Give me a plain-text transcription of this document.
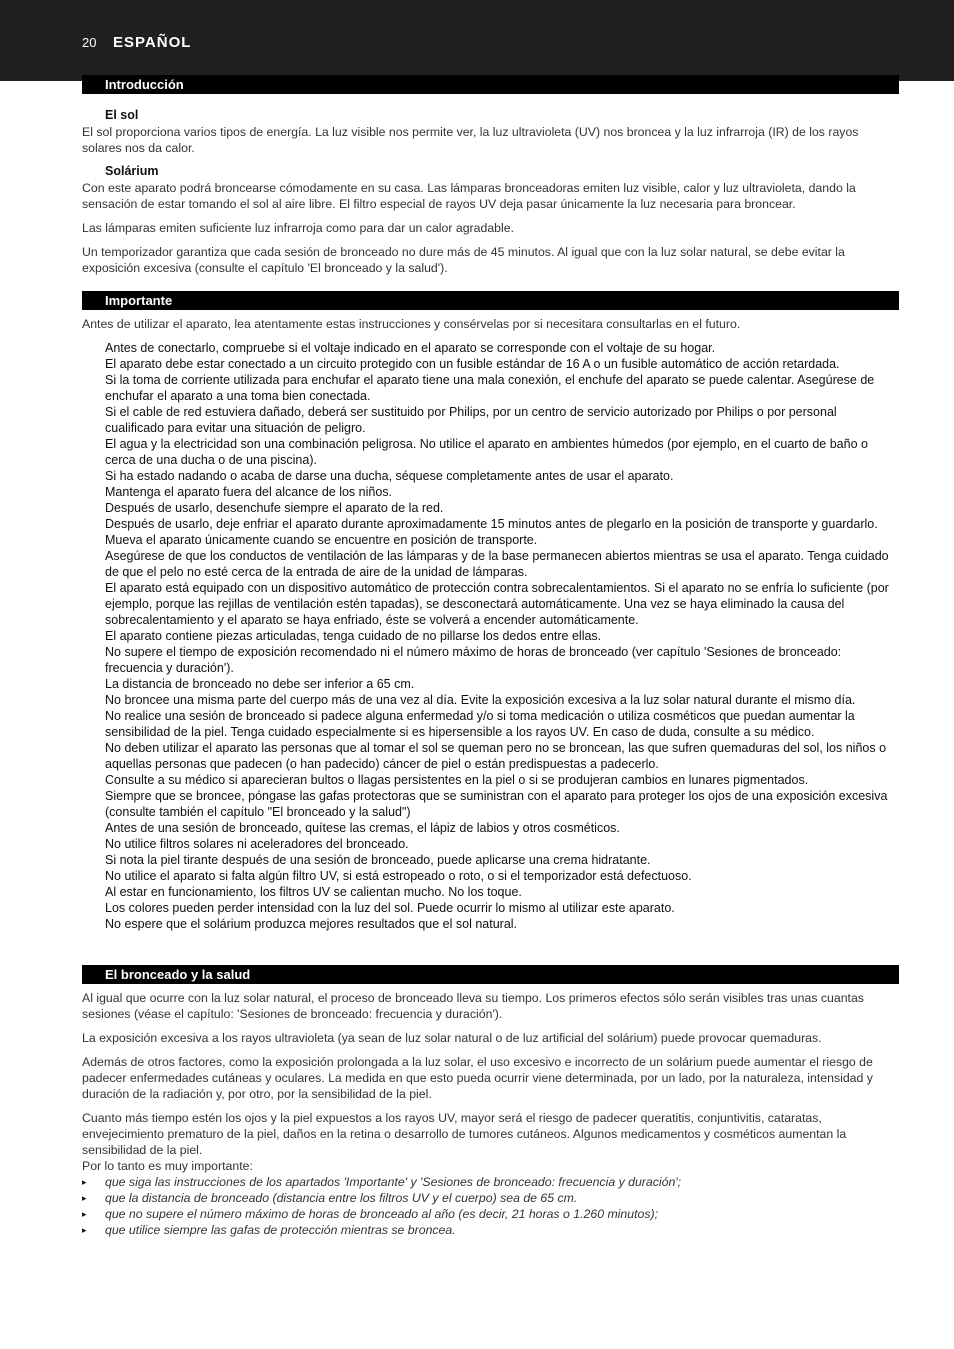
20 ESPAÑOL
Introducción
El sol
El sol proporciona varios tipos de energía. La luz visible nos permite ver, la luz ultravioleta (UV) nos broncea y la luz infrarroja (IR) de los rayos solares nos da calor.
Solárium
Con este aparato podrá broncearse cómodamente en su casa. Las lámparas bronceadoras emiten luz visible, calor y luz ultravioleta, dando la sensación de estar tomando el sol al aire libre. El filtro especial de rayos UV deja pasar únicamente la luz necesaria para broncear.
Las lámparas emiten suficiente luz infrarroja como para dar un calor agradable.
Un temporizador garantiza que cada sesión de bronceado no dure más de 45 minutos. Al igual que con la luz solar natural, se debe evitar la exposición excesiva (consulte el capítulo 'El bronceado y la salud').
Importante
Antes de utilizar el aparato, lea atentamente estas instrucciones y consérvelas por si necesitara consultarlas en el futuro.
Antes de conectarlo, compruebe si el voltaje indicado en el aparato se corresponde con el voltaje de su hogar.
El aparato debe estar conectado a un circuito protegido con un fusible estándar de 16 A o un fusible automático de acción retardada.
Si la toma de corriente utilizada para enchufar el aparato tiene una mala conexión, el enchufe del aparato se puede calentar. Asegúrese de enchufar el aparato a una toma bien conectada.
Si el cable de red estuviera dañado, deberá ser sustituido por Philips, por un centro de servicio autorizado por Philips o por personal cualificado para evitar una situación de peligro.
El agua y la electricidad son una combinación peligrosa. No utilice el aparato en ambientes húmedos (por ejemplo, en el cuarto de baño o cerca de una ducha o de una piscina).
Si ha estado nadando o acaba de darse una ducha, séquese completamente antes de usar el aparato.
Mantenga el aparato fuera del alcance de los niños.
Después de usarlo, desenchufe siempre el aparato de la red.
Después de usarlo, deje enfriar el aparato durante aproximadamente 15 minutos antes de plegarlo en la posición de transporte y guardarlo.
Mueva el aparato únicamente cuando se encuentre en posición de transporte.
Asegúrese de que los conductos de ventilación de las lámparas y de la base permanecen abiertos mientras se usa el aparato. Tenga cuidado de que el pelo no esté cerca de la entrada de aire de la unidad de lámparas.
El aparato está equipado con un dispositivo automático de protección contra sobrecalentamientos. Si el aparato no se enfría lo suficiente (por ejemplo, porque las rejillas de ventilación estén tapadas), se desconectará automáticamente. Una vez se haya eliminado la causa del sobrecalentamiento y el aparato se haya enfriado, éste se volverá a encender automáticamente.
El aparato contiene piezas articuladas, tenga cuidado de no pillarse los dedos entre ellas.
No supere el tiempo de exposición recomendado ni el número máximo de horas de bronceado (ver capítulo 'Sesiones de bronceado: frecuencia y duración').
La distancia de bronceado no debe ser inferior a 65 cm.
No broncee una misma parte del cuerpo más de una vez al día. Evite la exposición excesiva a la luz solar natural durante el mismo día.
No realice una sesión de bronceado si padece alguna enfermedad y/o si toma medicación o utiliza cosméticos que puedan aumentar la sensibilidad de la piel. Tenga cuidado especialmente si es hipersensible a los rayos UV. En caso de duda, consulte a su médico.
No deben utilizar el aparato las personas que al tomar el sol se queman pero no se broncean, las que sufren quemaduras del sol, los niños o aquellas personas que padecen (o han padecido) cáncer de piel o están predispuestas a padecerlo.
Consulte a su médico si aparecieran bultos o llagas persistentes en la piel o si se produjeran cambios en lunares pigmentados.
Siempre que se broncee, póngase las gafas protectoras que se suministran con el aparato para proteger los ojos de una exposición excesiva (consulte también el capítulo "El bronceado y la salud")
Antes de una sesión de bronceado, quítese las cremas, el lápiz de labios y otros cosméticos.
No utilice filtros solares ni aceleradores del bronceado.
Si nota la piel tirante después de una sesión de bronceado, puede aplicarse una crema hidratante.
No utilice el aparato si falta algún filtro UV, si está estropeado o roto, o si el temporizador está defectuoso.
Al estar en funcionamiento, los filtros UV se calientan mucho. No los toque.
Los colores pueden perder intensidad con la luz del sol. Puede ocurrir lo mismo al utilizar este aparato.
No espere que el solárium produzca mejores resultados que el sol natural.
El bronceado y la salud
Al igual que ocurre con la luz solar natural, el proceso de bronceado lleva su tiempo. Los primeros efectos sólo serán visibles tras unas cuantas sesiones (véase el capítulo: 'Sesiones de bronceado: frecuencia y duración').
La exposición excesiva a los rayos ultravioleta (ya sean de luz solar natural o de luz artificial del solárium) puede provocar quemaduras.
Además de otros factores, como la exposición prolongada a la luz solar, el uso excesivo e incorrecto de un solárium puede aumentar el riesgo de padecer enfermedades cutáneas y oculares. La medida en que esto pueda ocurrir viene determinada, por un lado, por la naturaleza, intensidad y duración de la radiación y, por otro, por la sensibilidad de la piel.
Cuanto más tiempo estén los ojos y la piel expuestos a los rayos UV, mayor será el riesgo de padecer queratitis, conjuntivitis, cataratas, envejecimiento prematuro de la piel, daños en la retina o desarrollo de tumores cutáneos. Algunos medicamentos y cosméticos aumentan la sensibilidad de la piel.
Por lo tanto es muy importante:
▸ que siga las instrucciones de los apartados 'Importante' y 'Sesiones de bronceado: frecuencia y duración';
▸ que la distancia de bronceado (distancia entre los filtros UV y el cuerpo) sea de 65 cm.
▸ que no supere el número máximo de horas de bronceado al año (es decir, 21 horas o 1.260 minutos);
▸ que utilice siempre las gafas de protección mientras se broncea.
